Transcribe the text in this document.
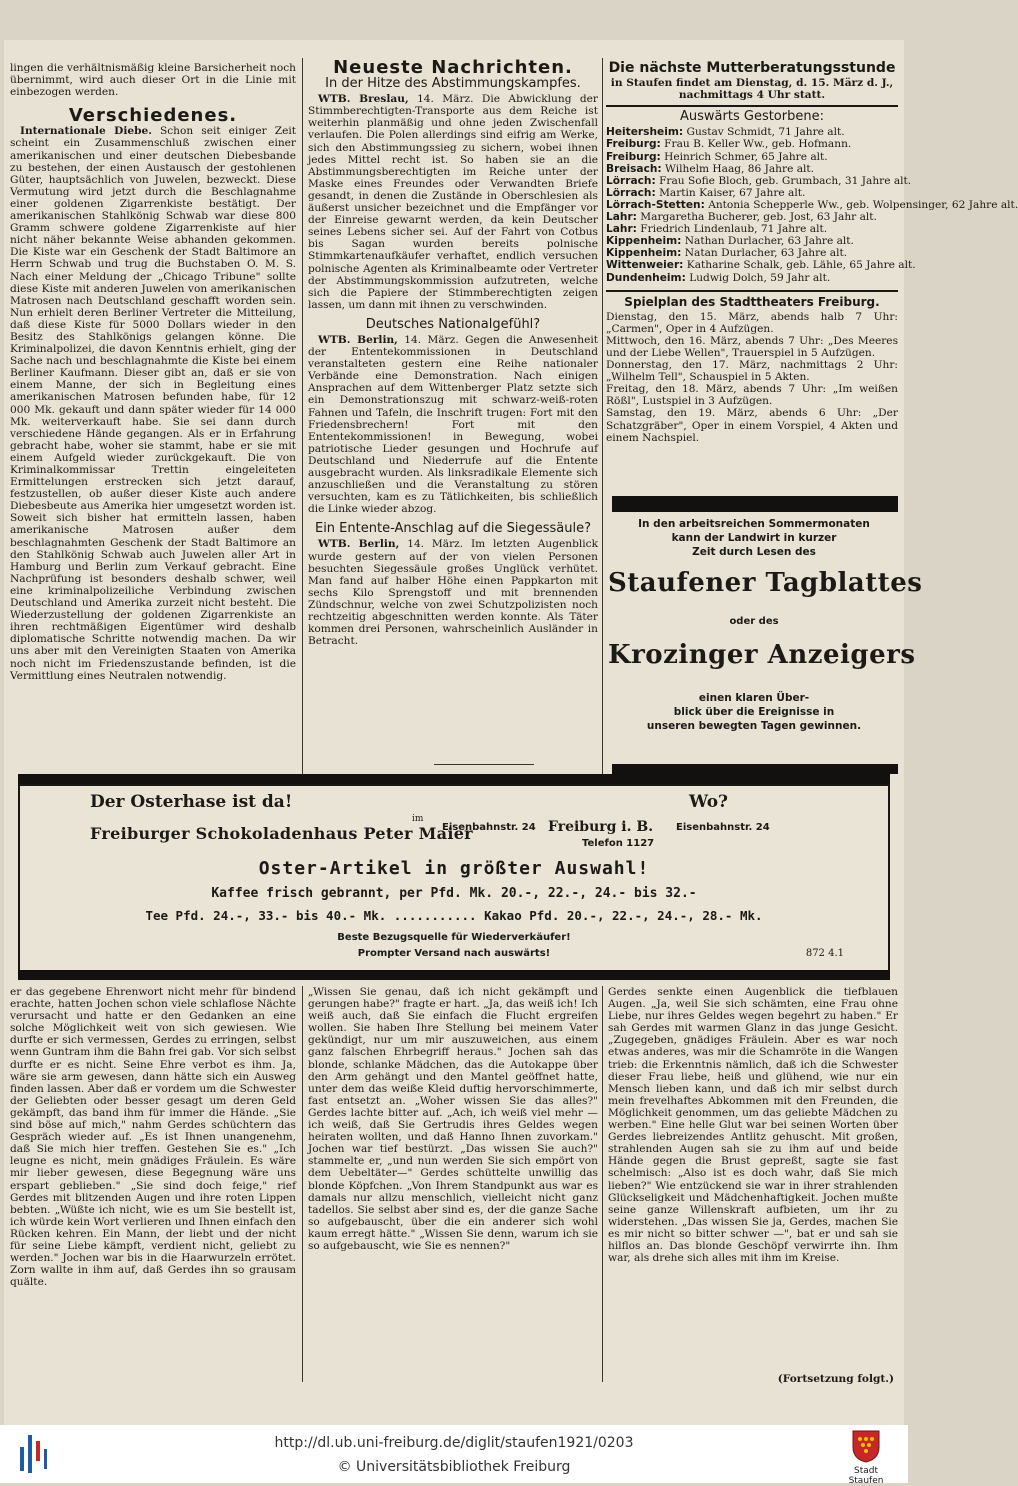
lingen die verhältnismäßig kleine Barsicherheit noch übernimmt, wird auch dieser Ort in die Linie mit einbezogen werden.

Verschiedenes.

Internationale Diebe. Schon seit einiger Zeit scheint ein Zusammenschluß zwischen einer amerikanischen und einer deutschen Diebesbande zu bestehen, der einen Austausch der gestohlenen Güter, hauptsächlich von Juwelen, bezweckt. Diese Vermutung wird jetzt durch die Beschlagnahme einer goldenen Zigarrenkiste bestätigt. Der amerikanischen Stahlkönig Schwab war diese 800 Gramm schwere goldene Zigarrenkiste auf hier nicht näher bekannte Weise abhanden gekommen. Die Kiste war ein Geschenk der Stadt Baltimore an Herrn Schwab und trug die Buchstaben O. M. S. Nach einer Meldung der „Chicago Tribune" sollte diese Kiste mit anderen Juwelen von amerikanischen Matrosen nach Deutschland geschafft worden sein. Nun erhielt deren Berliner Vertreter die Mitteilung, daß diese Kiste für 5000 Dollars wieder in den Besitz des Stahlkönigs gelangen könne. Die Kriminalpolizei, die davon Kenntnis erhielt, ging der Sache nach und beschlagnahmte die Kiste bei einem Berliner Kaufmann. Dieser gibt an, daß er sie von einem Manne, der sich in Begleitung eines amerikanischen Matrosen befunden habe, für 12 000 Mk. gekauft und dann später wieder für 14 000 Mk. weiterverkauft habe. Sie sei dann durch verschiedene Hände gegangen. Als er in Erfahrung gebracht habe, woher sie stammt, habe er sie mit einem Aufgeld wieder zurückgekauft. Die von Kriminalkommissar Trettin eingeleiteten Ermittelungen erstrecken sich jetzt darauf, festzustellen, ob außer dieser Kiste auch andere Diebesbeute aus Amerika hier umgesetzt worden ist. Soweit sich bisher hat ermitteln lassen, haben amerikanische Matrosen außer dem beschlagnahmten Geschenk der Stadt Baltimore an den Stahlkönig Schwab auch Juwelen aller Art in Hamburg und Berlin zum Verkauf gebracht. Eine Nachprüfung ist besonders deshalb schwer, weil eine kriminalpolizeiliche Verbindung zwischen Deutschland und Amerika zurzeit nicht besteht. Die Wiederzustellung der goldenen Zigarrenkiste an ihren rechtmäßigen Eigentümer wird deshalb diplomatische Schritte notwendig machen. Da wir uns aber mit den Vereinigten Staaten von Amerika noch nicht im Friedenszustande befinden, ist die Vermittlung eines Neutralen notwendig.

Neueste Nachrichten.
In der Hitze des Abstimmungskampfes.

WTB. Breslau, 14. März. Die Abwicklung der Stimmberechtigten-Transporte aus dem Reiche ist weiterhin planmäßig und ohne jeden Zwischenfall verlaufen. Die Polen allerdings sind eifrig am Werke, sich den Abstimmungssieg zu sichern, wobei ihnen jedes Mittel recht ist. So haben sie an die Abstimmungsberechtigten im Reiche unter der Maske eines Freundes oder Verwandten Briefe gesandt, in denen die Zustände in Oberschlesien als äußerst unsicher bezeichnet und die Empfänger vor der Einreise gewarnt werden, da kein Deutscher seines Lebens sicher sei. Auf der Fahrt von Cotbus bis Sagan wurden bereits polnische Stimmkartenaufkäufer verhaftet, endlich versuchen polnische Agenten als Kriminalbeamte oder Vertreter der Abstimmungskommission aufzutreten, welche sich die Papiere der Stimmberechtigten zeigen lassen, um dann mit ihnen zu verschwinden.

Deutsches Nationalgefühl?

WTB. Berlin, 14. März. Gegen die Anwesenheit der Ententekommissionen in Deutschland veranstalteten gestern eine Reihe nationaler Verbände eine Demonstration. Nach einigen Ansprachen auf dem Wittenberger Platz setzte sich ein Demonstrationszug mit schwarz-weiß-roten Fahnen und Tafeln, die Inschrift trugen: Fort mit den Friedensbrechern! Fort mit den Ententekommissionen! in Bewegung, wobei patriotische Lieder gesungen und Hochrufe auf Deutschland und Niederrufe auf die Entente ausgebracht wurden. Als linksradikale Elemente sich anzuschließen und die Veranstaltung zu stören versuchten, kam es zu Tätlichkeiten, bis schließlich die Linke wieder abzog.

Ein Entente-Anschlag auf die Siegessäule?

WTB. Berlin, 14. März. Im letzten Augenblick wurde gestern auf der von vielen Personen besuchten Siegessäule großes Unglück verhütet. Man fand auf halber Höhe einen Pappkarton mit sechs Kilo Sprengstoff und mit brennenden Zündschnur, welche von zwei Schutzpolizisten noch rechtzeitig abgeschnitten werden konnte. Als Täter kommen drei Personen, wahrscheinlich Ausländer in Betracht.

Die nächste Mutterberatungsstunde

in Staufen findet am Dienstag, d. 15. März d. J., nachmittags 4 Uhr statt.

Auswärts Gestorbene:
Heitersheim: Gustav Schmidt, 71 Jahre alt.
Freiburg: Frau B. Keller Ww., geb. Hofmann.
Freiburg: Heinrich Schmer, 65 Jahre alt.
Breisach: Wilhelm Haag, 86 Jahre alt.
Lörrach: Frau Sofie Bloch, geb. Grumbach, 31 Jahre alt.
Lörrach: Martin Kaiser, 67 Jahre alt.
Lörrach-Stetten: Antonia Schepperle Ww., geb. Wolpensinger, 62 Jahre alt.
Lahr: Margaretha Bucherer, geb. Jost, 63 Jahr alt.
Lahr: Friedrich Lindenlaub, 71 Jahre alt.
Kippenheim: Nathan Durlacher, 63 Jahre alt.
Kippenheim: Natan Durlacher, 63 Jahre alt.
Wittenweier: Katharine Schalk, geb. Lähle, 65 Jahre alt.
Dundenheim: Ludwig Dolch, 59 Jahr alt.
Spielplan des Stadttheaters Freiburg.

Dienstag, den 15. März, abends halb 7 Uhr: „Carmen", Oper in 4 Aufzügen.

Mittwoch, den 16. März, abends 7 Uhr: „Des Meeres und der Liebe Wellen", Trauerspiel in 5 Aufzügen.

Donnerstag, den 17. März, nachmittags 2 Uhr: „Wilhelm Tell", Schauspiel in 5 Akten.

Freitag, den 18. März, abends 7 Uhr: „Im weißen Rößl", Lustspiel in 3 Aufzügen.

Samstag, den 19. März, abends 6 Uhr: „Der Schatzgräber", Oper in einem Vorspiel, 4 Akten und einem Nachspiel.

In den arbeitsreichen Sommermonaten
kann der Landwirt in kurzer
Zeit durch Lesen des
Staufener Tagblattes
oder des
Krozinger Anzeigers
einen klaren Über-
blick über die Ereignisse in
unseren bewegten Tagen gewinnen.
Der Osterhase ist da!	Wo?
im
Freiburger Schokoladenhaus Peter Maier
Eisenbahnstr. 24 Freiburg i. B. Eisenbahnstr. 24
Telefon 1127
Oster-Artikel in größter Auswahl!
Kaffee frisch gebrannt, per Pfd. Mk. 20.-, 22.-, 24.- bis 32.-
Tee Pfd. 24.-, 33.- bis 40.- Mk. ........... Kakao Pfd. 20.-, 22.-, 24.-, 28.- Mk.
Beste Bezugsquelle für Wiederverkäufer!
Prompter Versand nach auswärts!	872 4.1

er das gegebene Ehrenwort nicht mehr für bindend erachte, hatten Jochen schon viele schlaflose Nächte verursacht und hatte er den Gedanken an eine solche Möglichkeit weit von sich gewiesen. Wie durfte er sich vermessen, Gerdes zu erringen, selbst wenn Guntram ihm die Bahn frei gab. Vor sich selbst durfte er es nicht. Seine Ehre verbot es ihm. Ja, wäre sie arm gewesen, dann hätte sich ein Ausweg finden lassen. Aber daß er vordem um die Schwester der Geliebten oder besser gesagt um deren Geld gekämpft, das band ihm für immer die Hände. „Sie sind böse auf mich," nahm Gerdes schüchtern das Gespräch wieder auf. „Es ist Ihnen unangenehm, daß Sie mich hier treffen. Gestehen Sie es." „Ich leugne es nicht, mein gnädiges Fräulein. Es wäre mir lieber gewesen, diese Begegnung wäre uns erspart geblieben." „Sie sind doch feige," rief Gerdes mit blitzenden Augen und ihre roten Lippen bebten. „Wüßte ich nicht, wie es um Sie bestellt ist, ich würde kein Wort verlieren und Ihnen einfach den Rücken kehren. Ein Mann, der liebt und der nicht für seine Liebe kämpft, verdient nicht, geliebt zu werden." Jochen war bis in die Haarwurzeln errötet. Zorn wallte in ihm auf, daß Gerdes ihn so grausam quälte.

„Wissen Sie genau, daß ich nicht gekämpft und gerungen habe?" fragte er hart. „Ja, das weiß ich! Ich weiß auch, daß Sie einfach die Flucht ergreifen wollen. Sie haben Ihre Stellung bei meinem Vater gekündigt, nur um mir auszuweichen, aus einem ganz falschen Ehrbegriff heraus." Jochen sah das blonde, schlanke Mädchen, das die Autokappe über den Arm gehängt und den Mantel geöffnet hatte, unter dem das weiße Kleid duftig hervorschimmerte, fast entsetzt an. „Woher wissen Sie das alles?" Gerdes lachte bitter auf. „Ach, ich weiß viel mehr — ich weiß, daß Sie Gertrudis ihres Geldes wegen heiraten wollten, und daß Hanno Ihnen zuvorkam." Jochen war tief bestürzt. „Das wissen Sie auch?" stammelte er, „und nun werden Sie sich empört von dem Uebeltäter—" Gerdes schüttelte unwillig das blonde Köpfchen. „Von Ihrem Standpunkt aus war es damals nur allzu menschlich, vielleicht nicht ganz tadellos. Sie selbst aber sind es, der die ganze Sache so aufgebauscht, über die ein anderer sich wohl kaum erregt hätte." „Wissen Sie denn, warum ich sie so aufgebauscht, wie Sie es nennen?"

Gerdes senkte einen Augenblick die tiefblauen Augen. „Ja, weil Sie sich schämten, eine Frau ohne Liebe, nur ihres Geldes wegen begehrt zu haben." Er sah Gerdes mit warmen Glanz in das junge Gesicht. „Zugegeben, gnädiges Fräulein. Aber es war noch etwas anderes, was mir die Schamröte in die Wangen trieb: die Erkenntnis nämlich, daß ich die Schwester dieser Frau liebe, heiß und glühend, wie nur ein Mensch lieben kann, und daß ich mir selbst durch mein frevelhaftes Abkommen mit den Freunden, die Möglichkeit genommen, um das geliebte Mädchen zu werben." Eine helle Glut war bei seinen Worten über Gerdes liebreizendes Antlitz gehuscht. Mit großen, strahlenden Augen sah sie zu ihm auf und beide Hände gegen die Brust gepreßt, sagte sie fast schelmisch: „Also ist es doch wahr, daß Sie mich lieben?" Wie entzückend sie war in ihrer strahlenden Glückseligkeit und Mädchenhaftigkeit. Jochen mußte seine ganze Willenskraft aufbieten, um ihr zu widerstehen. „Das wissen Sie ja, Gerdes, machen Sie es mir nicht so bitter schwer —", bat er und sah sie hilflos an. Das blonde Geschöpf verwirrte ihn. Ihm war, als drehe sich alles mit ihm im Kreise.

(Fortsetzung folgt.)
http://dl.ub.uni-freiburg.de/diglit/staufen1921/0203
© Universitätsbibliothek Freiburg	Stadt Staufen
